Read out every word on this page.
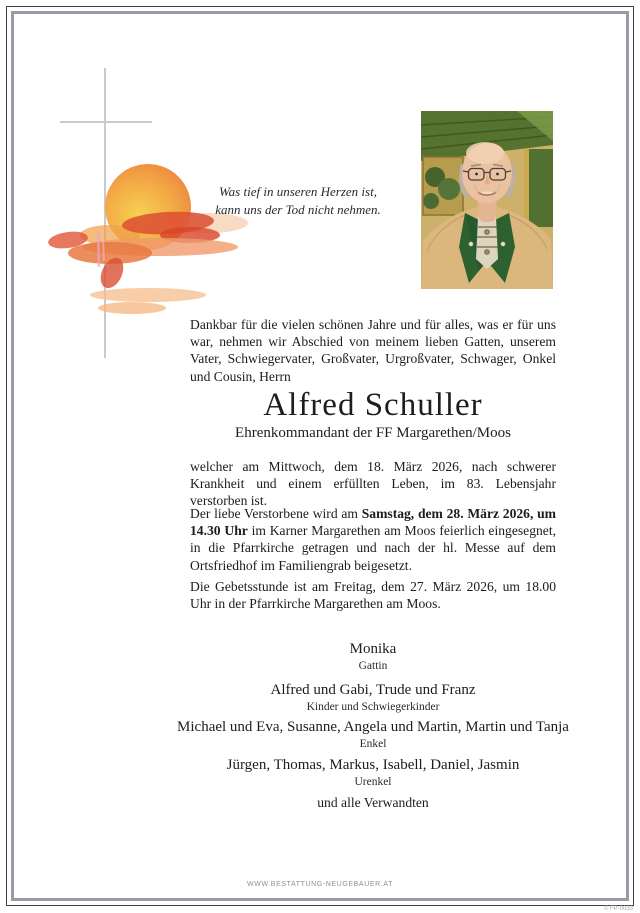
Was tief in unseren Herzen ist,
kann uns der Tod nicht nehmen.
Dankbar für die vielen schönen Jahre und für alles, was er für uns war, nehmen wir Abschied von meinem lieben Gatten, unserem Vater, Schwiegervater, Großvater, Urgroßvater, Schwager, Onkel und Cousin, Herrn
Alfred Schuller
Ehrenkommandant der FF Margarethen/Moos
welcher am Mittwoch, dem 18. März 2026, nach schwerer Krankheit und einem erfüllten Leben, im 83. Lebensjahr verstorben ist.
Der liebe Verstorbene wird am Samstag, dem 28. März 2026, um 14.30 Uhr im Karner Margarethen am Moos feierlich eingesegnet, in die Pfarrkirche getragen und nach der hl. Messe auf dem Ortsfriedhof im Familiengrab beigesetzt.
Die Gebetsstunde ist am Freitag, dem 27. März 2026, um 18.00 Uhr in der Pfarrkirche Margarethen am Moos.
Monika
Gattin
Alfred und Gabi, Trude und Franz
Kinder und Schwiegerkinder
Michael und Eva, Susanne, Angela und Martin, Martin und Tanja
Enkel
Jürgen, Thomas, Markus, Isabell, Daniel, Jasmin
Urenkel
und alle Verwandten
WWW.BESTATTUNG-NEUGEBAUER.AT
© FP-0033
